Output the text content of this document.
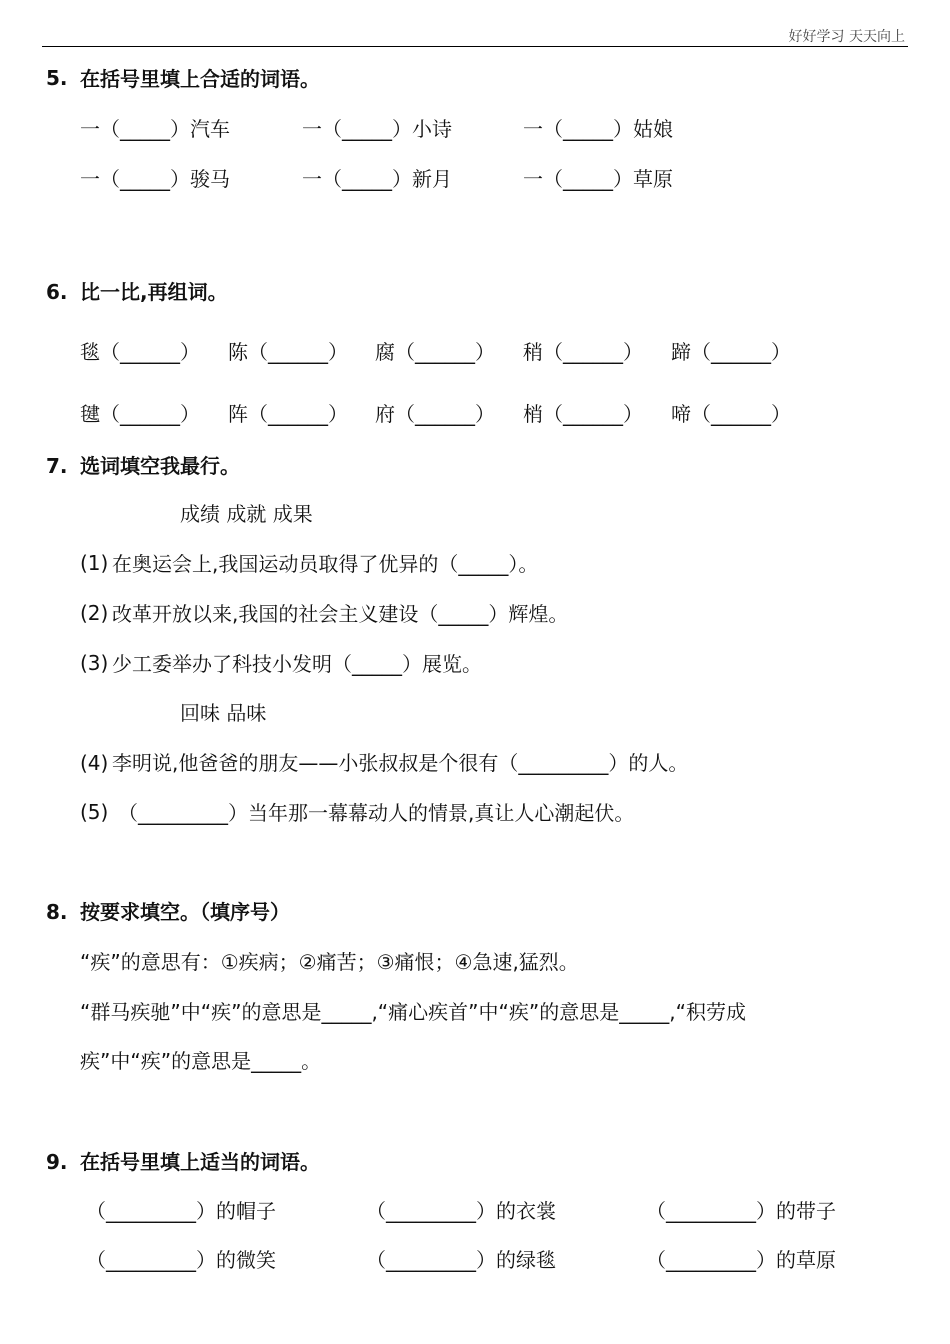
好好学习 天天向上
5. 在括号里填上合适的词语。
一（_____）汽车	一（_____）小诗	一（_____）姑娘
一（_____）骏马	一（_____）新月	一（_____）草原
6. 比一比,再组词。
毯（______） 陈（______） 腐（______） 稍（______） 蹄（______）
毽（______） 阵（______） 府（______） 梢（______） 啼（______）
7. 选词填空我最行。
成绩 成就 成果
(1) 在奥运会上,我国运动员取得了优异的（_____）。
(2) 改革开放以来,我国的社会主义建设（_____）辉煌。
(3) 少工委举办了科技小发明（_____）展览。
回味 品味
(4) 李明说,他爸爸的朋友——小张叔叔是个很有（_________）的人。
(5) （_________）当年那一幕幕动人的情景,真让人心潮起伏。
8. 按要求填空。（填序号）
“疾”的意思有：①疾病；②痛苦；③痛恨；④急速,猛烈。
“群马疾驰”中“疾”的意思是_____,“痛心疾首”中“疾”的意思是_____,“积劳成
疾”中“疾”的意思是_____。
9. 在括号里填上适当的词语。
（_________）的帽子	（_________）的衣裳	（_________）的带子
（_________）的微笑	（_________）的绿毯	（_________）的草原
